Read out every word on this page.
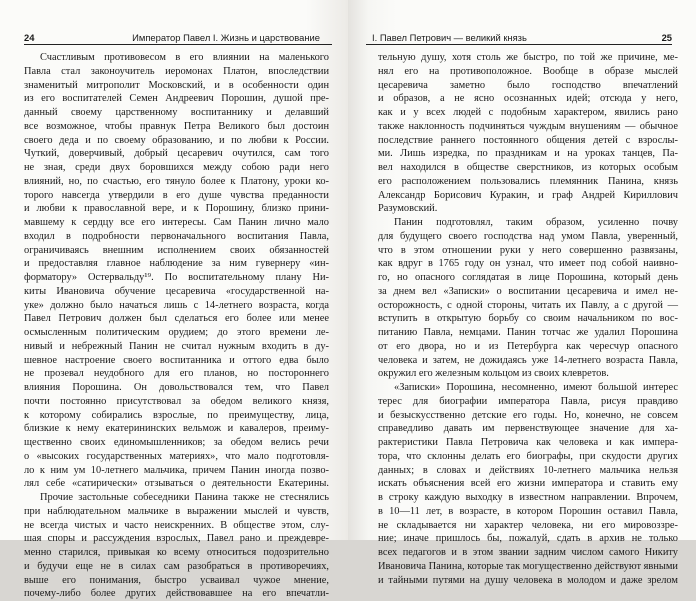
24	Император Павел I. Жизнь и царствование
Счастливым противовесом в его влиянии на маленького
Павла стал законоучитель иеромонах Платон, впоследствии
знаменитый митрополит Московский, и в особенности один
из его воспитателей Семен Андреевич Порошин, душой пре-
данный своему царственному воспитаннику и делавший
все возможное, чтобы правнук Петра Великого был достоин
своего деда и по своему образованию, и по любви к России.
Чуткий, доверчивый, добрый цесаревич очутился, сам того
не зная, среди двух боровшихся между собою ради него
влияний, но, по счастью, его тянуло более к Платону, уроки ко-
торого навсегда утвердили в его душе чувства преданности
и любви к православной вере, и к Порошину, близко прини-
мавшему к сердцу все его интересы. Сам Панин лично мало
входил в подробности первоначального воспитания Павла,
ограничиваясь внешним исполнением своих обязанностей
и предоставляя главное наблюдение за ним гувернеру «ин-
форматору» Остервальду¹⁹. По воспитательному плану Ни-
киты Ивановича обучение цесаревича «государственной на-
уке» должно было начаться лишь с 14-летнего возраста, когда
Павел Петрович должен был сделаться его более или менее
осмысленным политическим орудием; до этого времени ле-
нивый и небрежный Панин не считал нужным входить в ду-
шевное настроение своего воспитанника и оттого едва было
не прозевал неудобного для его планов, но постороннего
влияния Порошина. Он довольствовался тем, что Павел
почти постоянно присутствовал за обедом великого князя,
к которому собирались взрослые, по преимуществу, лица,
близкие к нему екатерининских вельмож и кавалеров, преиму-
щественно своих единомышленников; за обедом велись речи
о «высоких государственных материях», что мало подготовля-
ло к ним ум 10-летнего мальчика, причем Панин иногда позво-
лял себе «сатирически» отзываться о деятельности Екатерины.
Прочие застольные собеседники Панина также не стеснялись
при наблюдательном мальчике в выражении мыслей и чувств,
не всегда чистых и часто неискренних. В обществе этом, слу-
шая споры и рассуждения взрослых, Павел рано и преждевре-
менно старился, привыкая ко всему относиться подозрительно
и будучи еще не в силах сам разобраться в противоречиях,
выше его понимания, быстро усваивал чужое мнение,
почему-либо более других действовавшее на его впечатли-
I. Павел Петрович — великий князь	25
тельную душу, хотя столь же быстро, по той же причине, ме-
нял его на противоположное. Вообще в образе мыслей
цесаревича заметно было господство впечатлений
и образов, а не ясно осознанных идей; отсюда у него,
как и у всех людей с подобным характером, явились рано
также наклонность подчиняться чуждым внушениям — обычное
последствие раннего постоянного общения детей с взрослы-
ми. Лишь изредка, по праздникам и на уроках танцев, Па-
вел находился в обществе сверстников, из которых особым
его расположением пользовались племянник Панина, князь
Александр Борисович Куракин, и граф Андрей Кириллович
Разумовский.
Панин подготовлял, таким образом, усиленно почву
для будущего своего господства над умом Павла, уверенный,
что в этом отношении руки у него совершенно развязаны,
как вдруг в 1765 году он узнал, что имеет под собой наивно-
го, но опасного соглядатая в лице Порошина, который день
за днем вел «Записки» о воспитании цесаревича и имел не-
осторожность, с одной стороны, читать их Павлу, а с другой —
вступить в открытую борьбу со своим начальником по вос-
питанию Павла, немцами. Панин тотчас же удалил Порошина
от его двора, но и из Петербурга как чересчур опасного
человека и затем, не дожидаясь уже 14-летнего возраста Павла,
окружил его железным кольцом из своих клевретов.
«Записки» Порошина, несомненно, имеют большой интерес
терес для биографии императора Павла, рисуя правдиво
и безыскусственно детские его годы. Но, конечно, не совсем
справедливо давать им первенствующее значение для ха-
рактеристики Павла Петровича как человека и как импера-
тора, что склонны делать его биографы, при скудости других
данных; в словах и действиях 10-летнего мальчика нельзя
искать объяснения всей его жизни императора и ставить ему
в строку каждую выходку в известном направлении. Впрочем,
в 10—11 лет, в возрасте, в котором Порошин оставил Павла,
не складывается ни характер человека, ни его мировоззре-
ние; иначе пришлось бы, пожалуй, сдать в архив не только
всех педагогов и в этом звании задним числом самого Никиту
Ивановича Панина, которые так могущественно действуют явными
и тайными путями на душу человека в молодом и даже зрелом
